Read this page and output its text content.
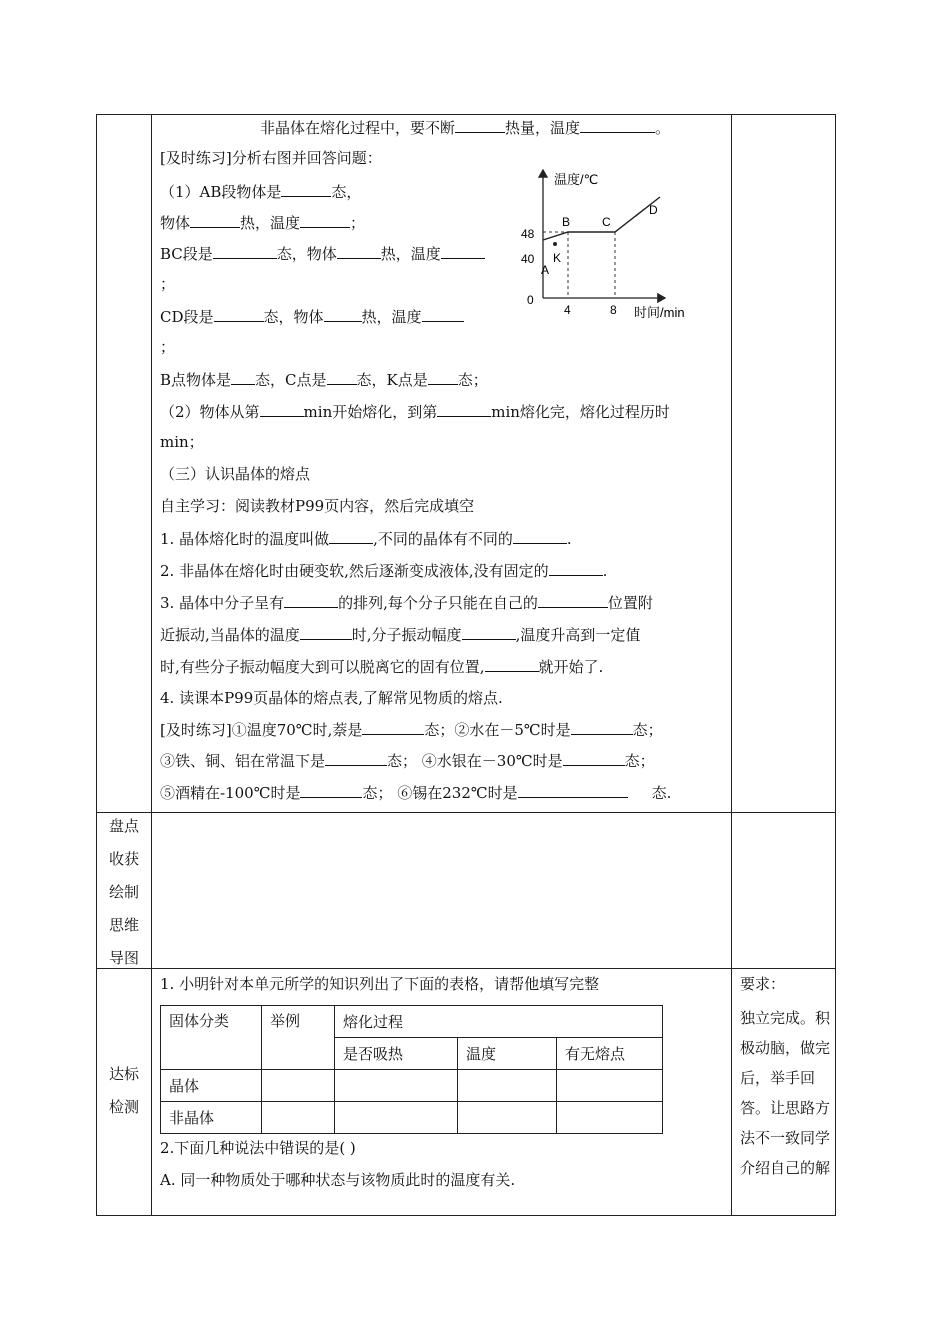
非晶体在熔化过程中，要不断	热量，温度	。
[及时练习]分析右图并回答问题：
（1）AB段物体是	态，
物体	热，温度	；
BC段是	态，物体	热，温度
；
CD段是	态，物体	热，温度
；
B点物体是 态，C点是 态，K点是 态；
（2）物体从第	min开始熔化，到第	min熔化完，熔化过程历时
min；
（三）认识晶体的熔点
自主学习：阅读教材P99页内容，然后完成填空
1. 晶体熔化时的温度叫做	,不同的晶体有不同的	.
2. 非晶体在熔化时由硬变软,然后逐渐变成液体,没有固定的	.
3. 晶体中分子呈有	的排列,每个分子只能在自己的	位置附
近振动,当晶体的温度	时,分子振动幅度	,温度升高到一定值
时,有些分子振动幅度大到可以脱离它的固有位置,	就开始了.
4. 读课本P99页晶体的熔点表,了解常见物质的熔点.
[及时练习]①温度70℃时,萘是	态；②水在－5℃时是	态；
③铁、铜、铝在常温下是	态； ④水银在－30℃时是	态；
⑤酒精在-100℃时是	态； ⑥锡在232℃时是	态.
温度/℃
时间/min
0
48
40
4	8
A
B	C
D
K
盘点
收获
绘制
思维
导图
达标
检测
1. 小明针对本单元所学的知识列出了下面的表格，请帮他填写完整
固体分类	举例	熔化过程		
		是否吸热	温度	有无熔点
晶体				
非晶体				
2.下面几种说法中错误的是( )
A. 同一种物质处于哪种状态与该物质此时的温度有关.
要求：
独立完成。积极动脑，做完后，举手回答。让思路方法不一致同学介绍自己的解
